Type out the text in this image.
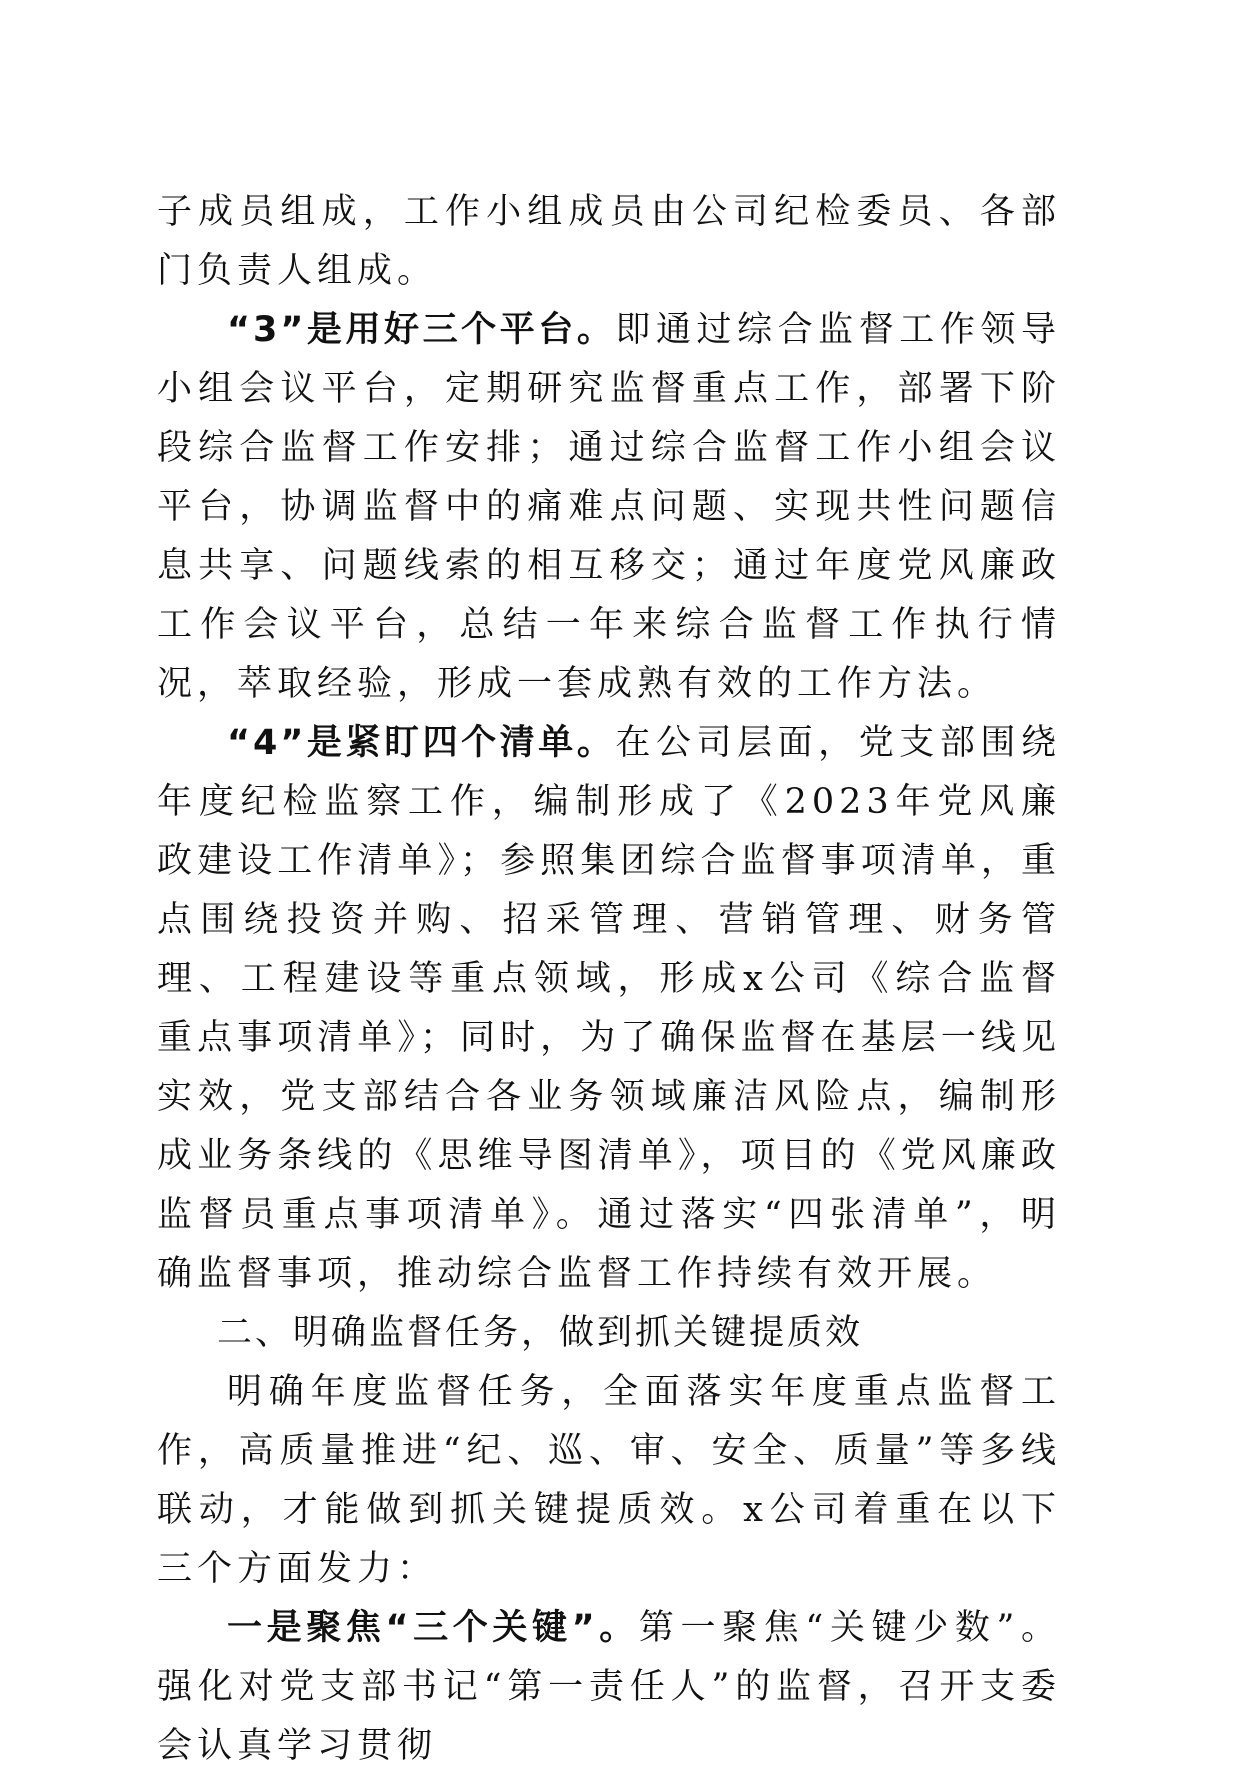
子成员组成，工作小组成员由公司纪检委员、各部门负责人组成。

“3”是用好三个平台。即通过综合监督工作领导小组会议平台，定期研究监督重点工作，部署下阶段综合监督工作安排；通过综合监督工作小组会议平台，协调监督中的痛难点问题、实现共性问题信息共享、问题线索的相互移交；通过年度党风廉政工作会议平台，总结一年来综合监督工作执行情况，萃取经验，形成一套成熟有效的工作方法。

“4”是紧盯四个清单。在公司层面，党支部围绕年度纪检监察工作，编制形成了《2023年党风廉政建设工作清单》；参照集团综合监督事项清单，重点围绕投资并购、招采管理、营销管理、财务管理、工程建设等重点领域，形成x公司《综合监督重点事项清单》；同时，为了确保监督在基层一线见实效，党支部结合各业务领域廉洁风险点，编制形成业务条线的《思维导图清单》，项目的《党风廉政监督员重点事项清单》。通过落实“四张清单”，明确监督事项，推动综合监督工作持续有效开展。

二、明确监督任务，做到抓关键提质效

明确年度监督任务，全面落实年度重点监督工作，高质量推进“纪、巡、审、安全、质量”等多线联动，才能做到抓关键提质效。x公司着重在以下三个方面发力：

一是聚焦“三个关键”。第一聚焦“关键少数”。强化对党支部书记“第一责任人”的监督，召开支委会认真学习贯彻
